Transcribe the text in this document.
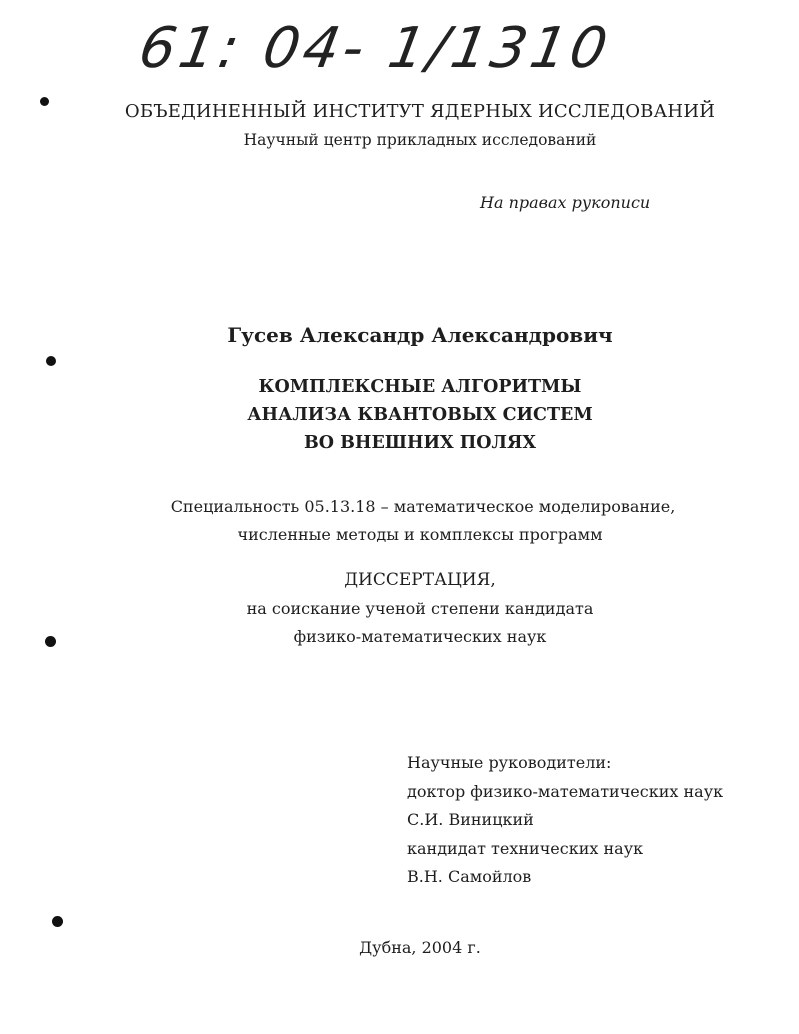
61: 04- 1/1310
ОБЪЕДИНЕННЫЙ ИНСТИТУТ ЯДЕРНЫХ ИССЛЕДОВАНИЙ
Научный центр прикладных исследований
На правах рукописи
Гусев Александр Александрович
КОМПЛЕКСНЫЕ АЛГОРИТМЫ
АНАЛИЗА КВАНТОВЫХ СИСТЕМ
ВО ВНЕШНИХ ПОЛЯХ
Специальность 05.13.18 – математическое моделирование,
численные методы и комплексы программ
ДИССЕРТАЦИЯ,
на соискание ученой степени кандидата
физико-математических наук
Научные руководители:
доктор физико-математических наук
С.И. Виницкий
кандидат технических наук
В.Н. Самойлов
Дубна, 2004 г.
